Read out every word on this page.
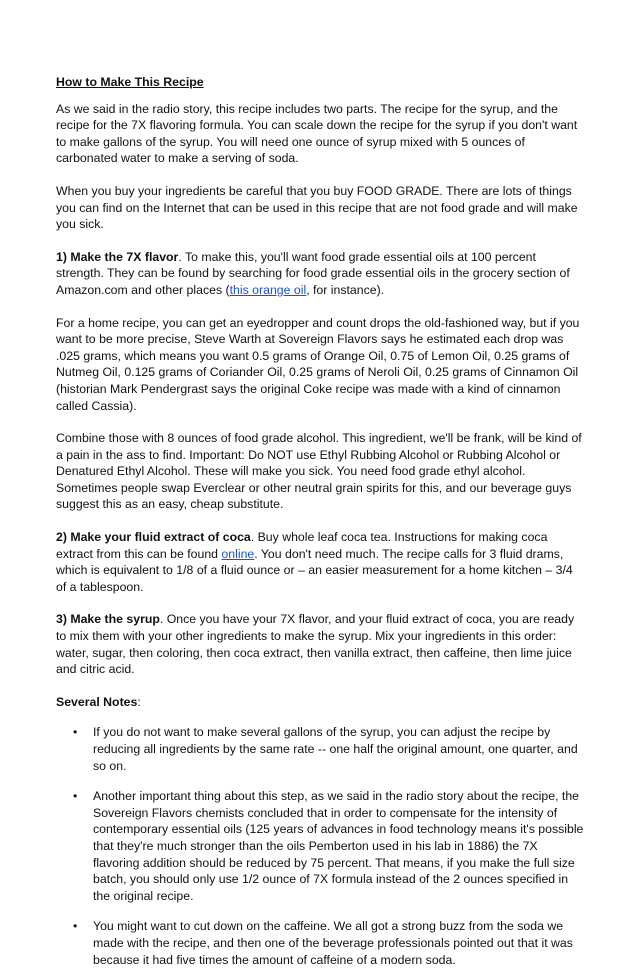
How to Make This Recipe

As we said in the radio story, this recipe includes two parts. The recipe for the syrup, and the recipe for the 7X flavoring formula. You can scale down the recipe for the syrup if you don't want to make gallons of the syrup. You will need one ounce of syrup mixed with 5 ounces of carbonated water to make a serving of soda.

When you buy your ingredients be careful that you buy FOOD GRADE. There are lots of things you can find on the Internet that can be used in this recipe that are not food grade and will make you sick.

1) Make the 7X flavor. To make this, you'll want food grade essential oils at 100 percent strength. They can be found by searching for food grade essential oils in the grocery section of Amazon.com and other places (this orange oil, for instance).

For a home recipe, you can get an eyedropper and count drops the old-fashioned way, but if you want to be more precise, Steve Warth at Sovereign Flavors says he estimated each drop was .025 grams, which means you want 0.5 grams of Orange Oil, 0.75 of Lemon Oil, 0.25 grams of Nutmeg Oil, 0.125 grams of Coriander Oil, 0.25 grams of Neroli Oil, 0.25 grams of Cinnamon Oil (historian Mark Pendergrast says the original Coke recipe was made with a kind of cinnamon called Cassia).

Combine those with 8 ounces of food grade alcohol. This ingredient, we'll be frank, will be kind of a pain in the ass to find. Important: Do NOT use Ethyl Rubbing Alcohol or Rubbing Alcohol or Denatured Ethyl Alcohol. These will make you sick. You need food grade ethyl alcohol. Sometimes people swap Everclear or other neutral grain spirits for this, and our beverage guys suggest this as an easy, cheap substitute.

2) Make your fluid extract of coca. Buy whole leaf coca tea. Instructions for making coca extract from this can be found online. You don't need much. The recipe calls for 3 fluid drams, which is equivalent to 1/8 of a fluid ounce or – an easier measurement for a home kitchen – 3/4 of a tablespoon.

3) Make the syrup. Once you have your 7X flavor, and your fluid extract of coca, you are ready to mix them with your other ingredients to make the syrup. Mix your ingredients in this order: water, sugar, then coloring, then coca extract, then vanilla extract, then caffeine, then lime juice and citric acid.

Several Notes:
• If you do not want to make several gallons of the syrup, you can adjust the recipe by reducing all ingredients by the same rate -- one half the original amount, one quarter, and so on.
• Another important thing about this step, as we said in the radio story about the recipe, the Sovereign Flavors chemists concluded that in order to compensate for the intensity of contemporary essential oils (125 years of advances in food technology means it's possible that they're much stronger than the oils Pemberton used in his lab in 1886) the 7X flavoring addition should be reduced by 75 percent. That means, if you make the full size batch, you should only use 1/2 ounce of 7X formula instead of the 2 ounces specified in the original recipe.
• You might want to cut down on the caffeine. We all got a strong buzz from the soda we made with the recipe, and then one of the beverage professionals pointed out that it was because it had five times the amount of caffeine of a modern soda.
